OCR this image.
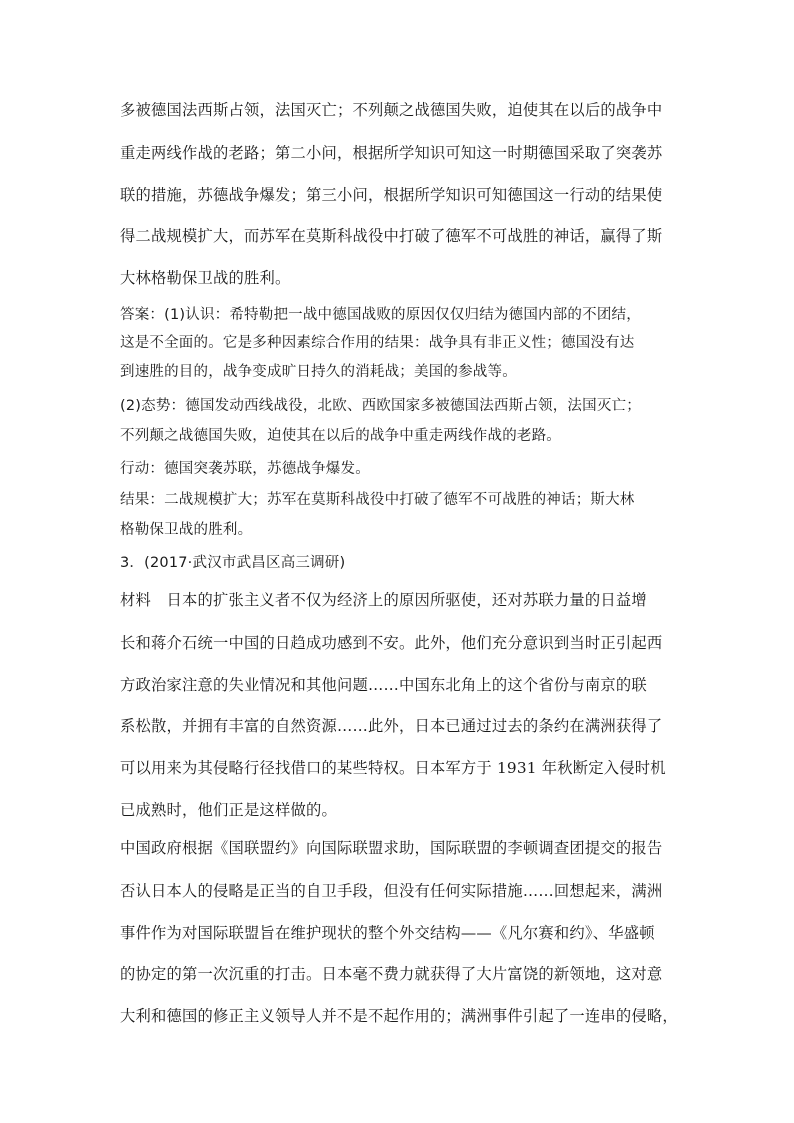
多被德国法西斯占领，法国灭亡；不列颠之战德国失败，迫使其在以后的战争中
重走两线作战的老路；第二小问，根据所学知识可知这一时期德国采取了突袭苏
联的措施，苏德战争爆发；第三小问，根据所学知识可知德国这一行动的结果使
得二战规模扩大，而苏军在莫斯科战役中打破了德军不可战胜的神话，赢得了斯
大林格勒保卫战的胜利。
答案：(1)认识：希特勒把一战中德国战败的原因仅仅归结为德国内部的不团结，
这是不全面的。它是多种因素综合作用的结果：战争具有非正义性；德国没有达
到速胜的目的，战争变成旷日持久的消耗战；美国的参战等。
(2)态势：德国发动西线战役，北欧、西欧国家多被德国法西斯占领，法国灭亡；
不列颠之战德国失败，迫使其在以后的战争中重走两线作战的老路。
行动：德国突袭苏联，苏德战争爆发。
结果：二战规模扩大；苏军在莫斯科战役中打破了德军不可战胜的神话；斯大林
格勒保卫战的胜利。
3．(2017·武汉市武昌区高三调研)
材料　日本的扩张主义者不仅为经济上的原因所驱使，还对苏联力量的日益增
长和蒋介石统一中国的日趋成功感到不安。此外，他们充分意识到当时正引起西
方政治家注意的失业情况和其他问题……中国东北角上的这个省份与南京的联
系松散，并拥有丰富的自然资源……此外，日本已通过过去的条约在满洲获得了
可以用来为其侵略行径找借口的某些特权。日本军方于 1931 年秋断定入侵时机
已成熟时，他们正是这样做的。
中国政府根据《国联盟约》向国际联盟求助，国际联盟的李顿调查团提交的报告
否认日本人的侵略是正当的自卫手段，但没有任何实际措施……回想起来，满洲
事件作为对国际联盟旨在维护现状的整个外交结构——《凡尔赛和约》、华盛顿
的协定的第一次沉重的打击。日本毫不费力就获得了大片富饶的新领地，这对意
大利和德国的修正主义领导人并不是不起作用的；满洲事件引起了一连串的侵略，
